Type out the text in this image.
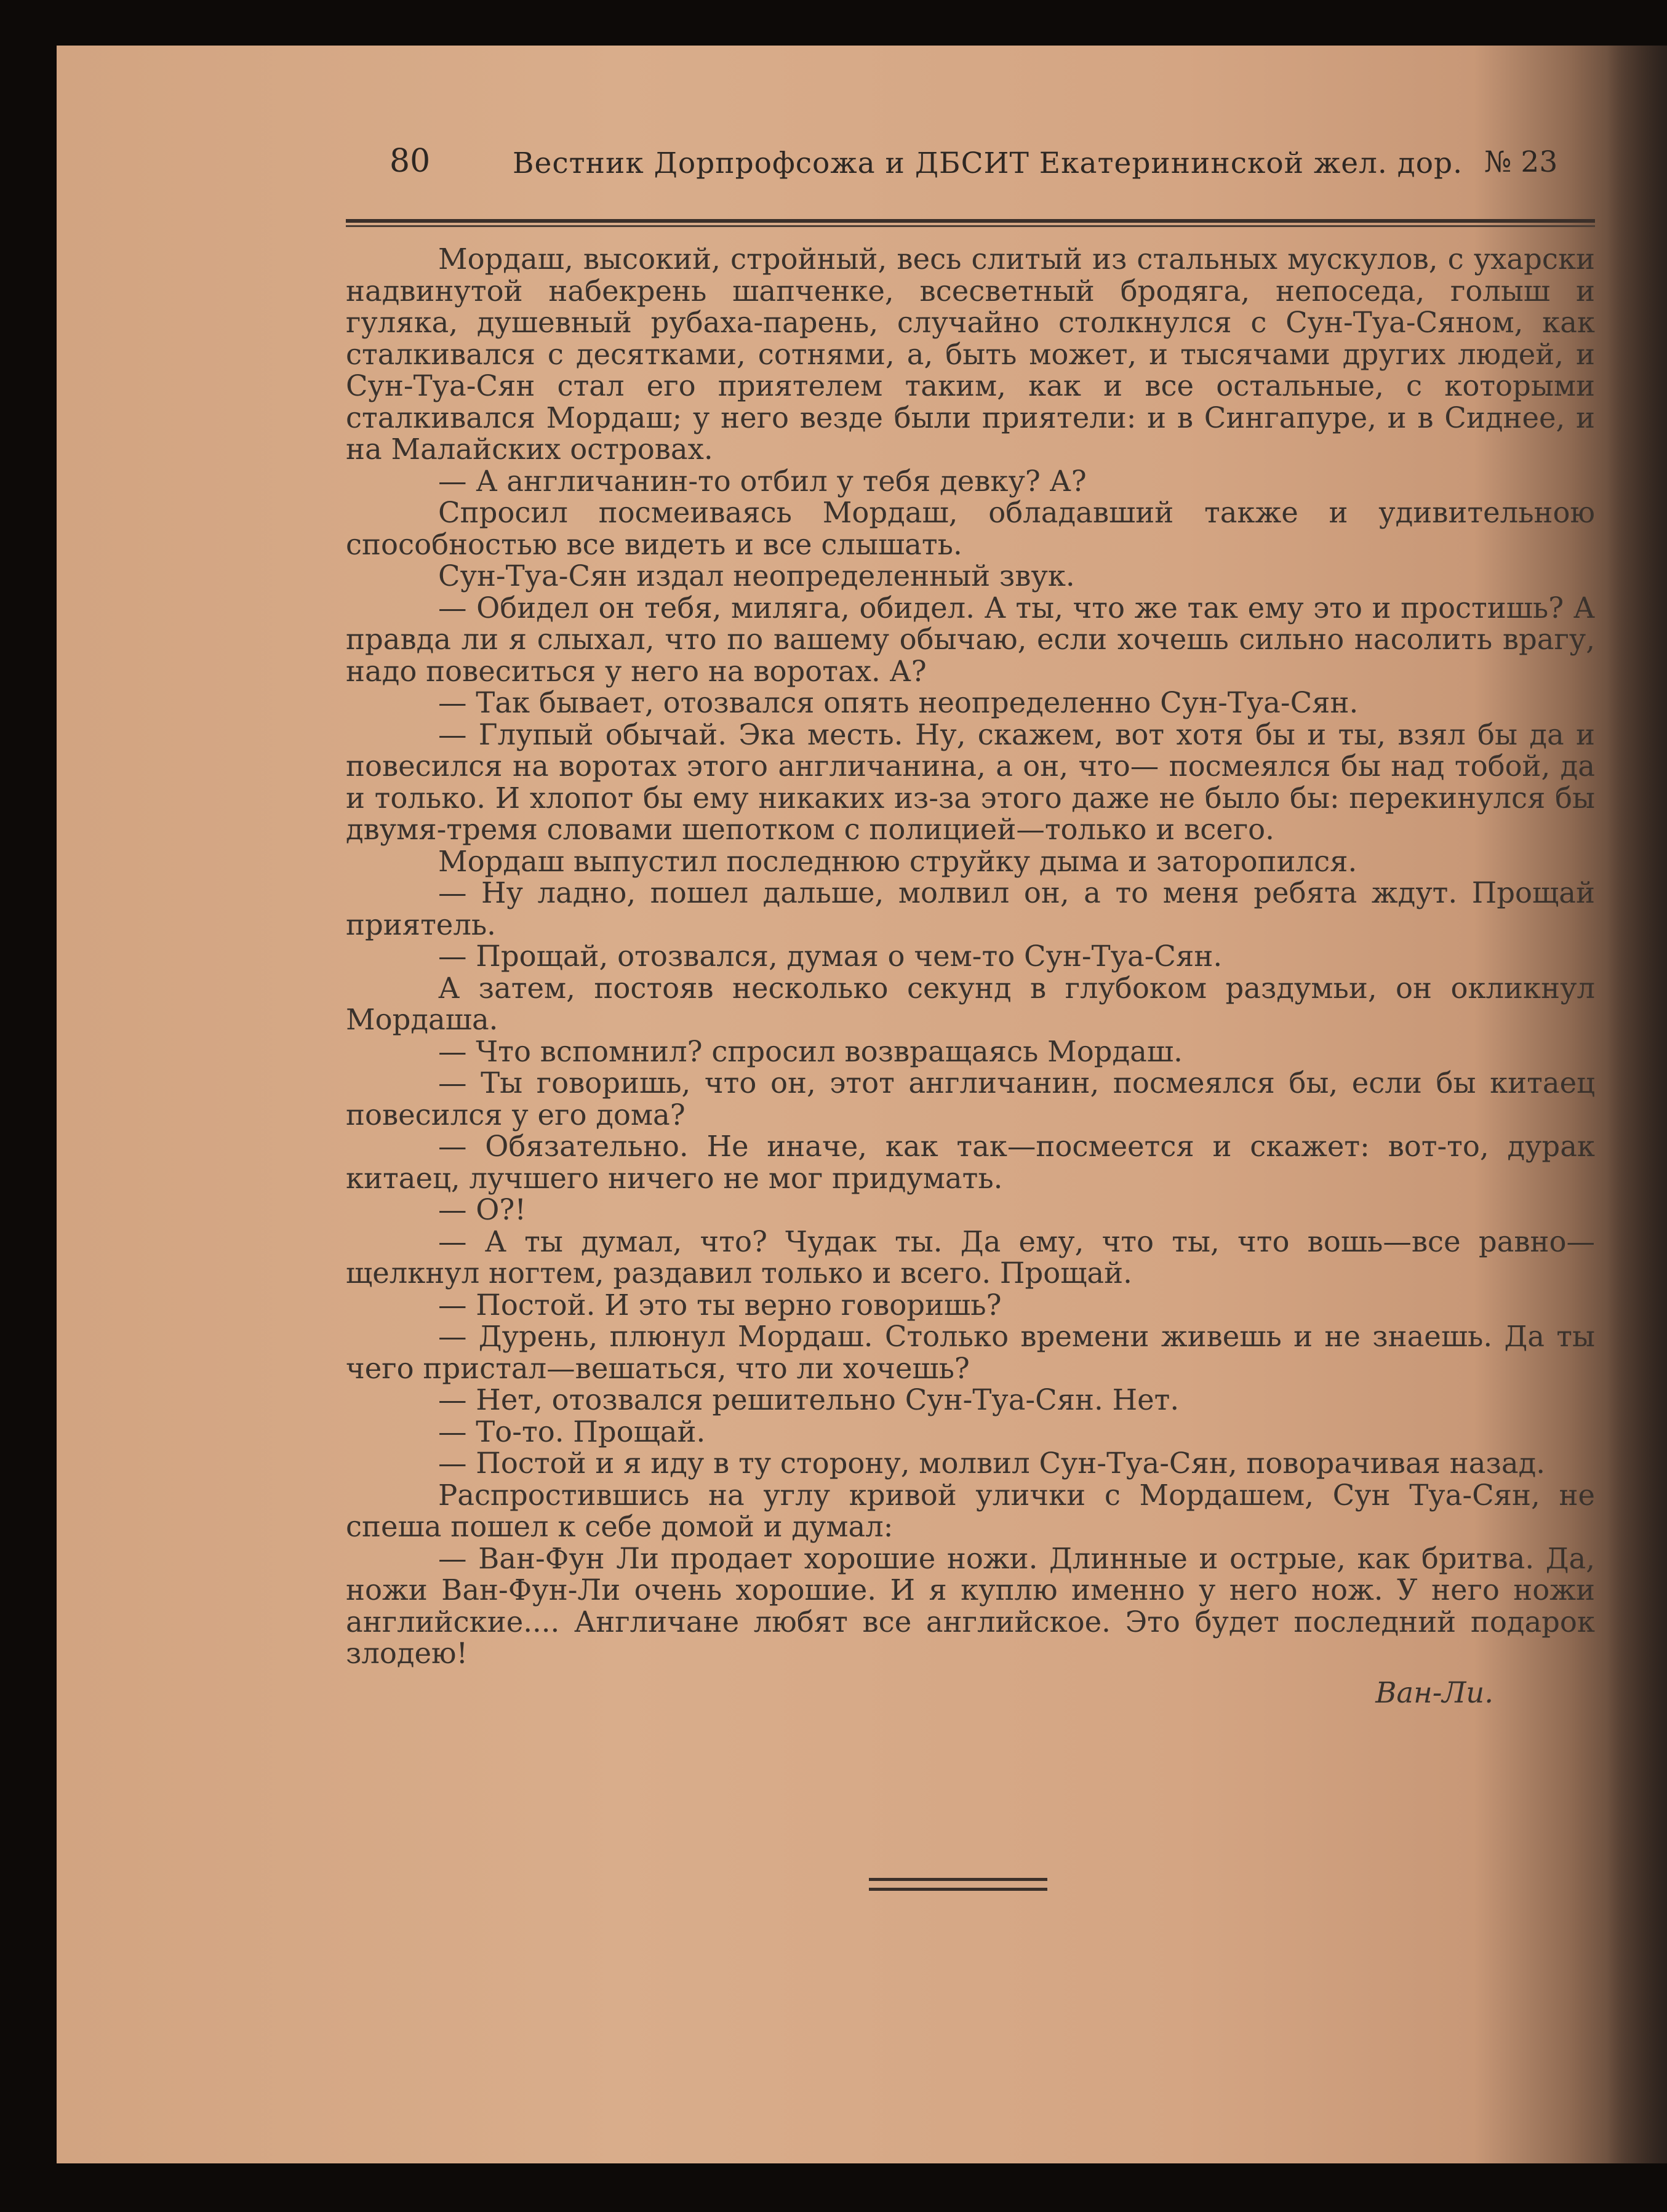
80	Вестник Дорпрофсожа и ДБСИТ Екатерининской жел. дор. № 23

Мордаш, высокий, стройный, весь слитый из стальных мускулов, с ухарски надвинутой набекрень шапченке, всесветный бродяга, непоседа, голыш и гуляка, душевный рубаха-парень, случайно столкнулся с Сун-Туа-Сяном, как сталкивался с десятками, сотнями, а, быть может, и тысячами других людей, и Сун-Туа-Сян стал его приятелем таким, как и все остальные, с которыми сталкивался Мордаш; у него везде были приятели: и в Сингапуре, и в Сиднее, и на Малайских островах.

— А англичанин-то отбил у тебя девку? А?

Спросил посмеиваясь Мордаш, обладавший также и удивительною способностью все видеть и все слышать.

Сун-Туа-Сян издал неопределенный звук.

— Обидел он тебя, миляга, обидел. А ты, что же так ему это и простишь? А правда ли я слыхал, что по вашему обычаю, если хочешь сильно насолить врагу, надо повеситься у него на воротах. А?

— Так бывает, отозвался опять неопределенно Сун-Туа-Сян.

— Глупый обычай. Эка месть. Ну, скажем, вот хотя бы и ты, взял бы да и повесился на воротах этого англичанина, а он, что— посмеялся бы над тобой, да и только. И хлопот бы ему никаких из-за этого даже не было бы: перекинулся бы двумя-тремя словами шепотком с полицией—только и всего.

Мордаш выпустил последнюю струйку дыма и заторопился.

— Ну ладно, пошел дальше, молвил он, а то меня ребята ждут. Прощай приятель.

— Прощай, отозвался, думая о чем-то Сун-Туа-Сян.

А затем, постояв несколько секунд в глубоком раздумьи, он окликнул Мордаша.

— Что вспомнил? спросил возвращаясь Мордаш.

— Ты говоришь, что он, этот англичанин, посмеялся бы, если бы китаец повесился у его дома?

— Обязательно. Не иначе, как так—посмеется и скажет: вот-то, дурак китаец, лучшего ничего не мог придумать.

— О?!

— А ты думал, что? Чудак ты. Да ему, что ты, что вошь—все равно—щелкнул ногтем, раздавил только и всего. Прощай.

— Постой. И это ты верно говоришь?

— Дурень, плюнул Мордаш. Столько времени живешь и не знаешь. Да ты чего пристал—вешаться, что ли хочешь?

— Нет, отозвался решительно Сун-Туа-Сян. Нет.

— То-то. Прощай.

— Постой и я иду в ту сторону, молвил Сун-Туа-Сян, поворачивая назад.

Распростившись на углу кривой улички с Мордашем, Сун Туа-Сян, не спеша пошел к себе домой и думал:

— Ван-Фун Ли продает хорошие ножи. Длинные и острые, как бритва. Да, ножи Ван-Фун-Ли очень хорошие. И я куплю именно у него нож. У него ножи английские.... Англичане любят все английское. Это будет последний подарок злодею!

Ван-Ли.
